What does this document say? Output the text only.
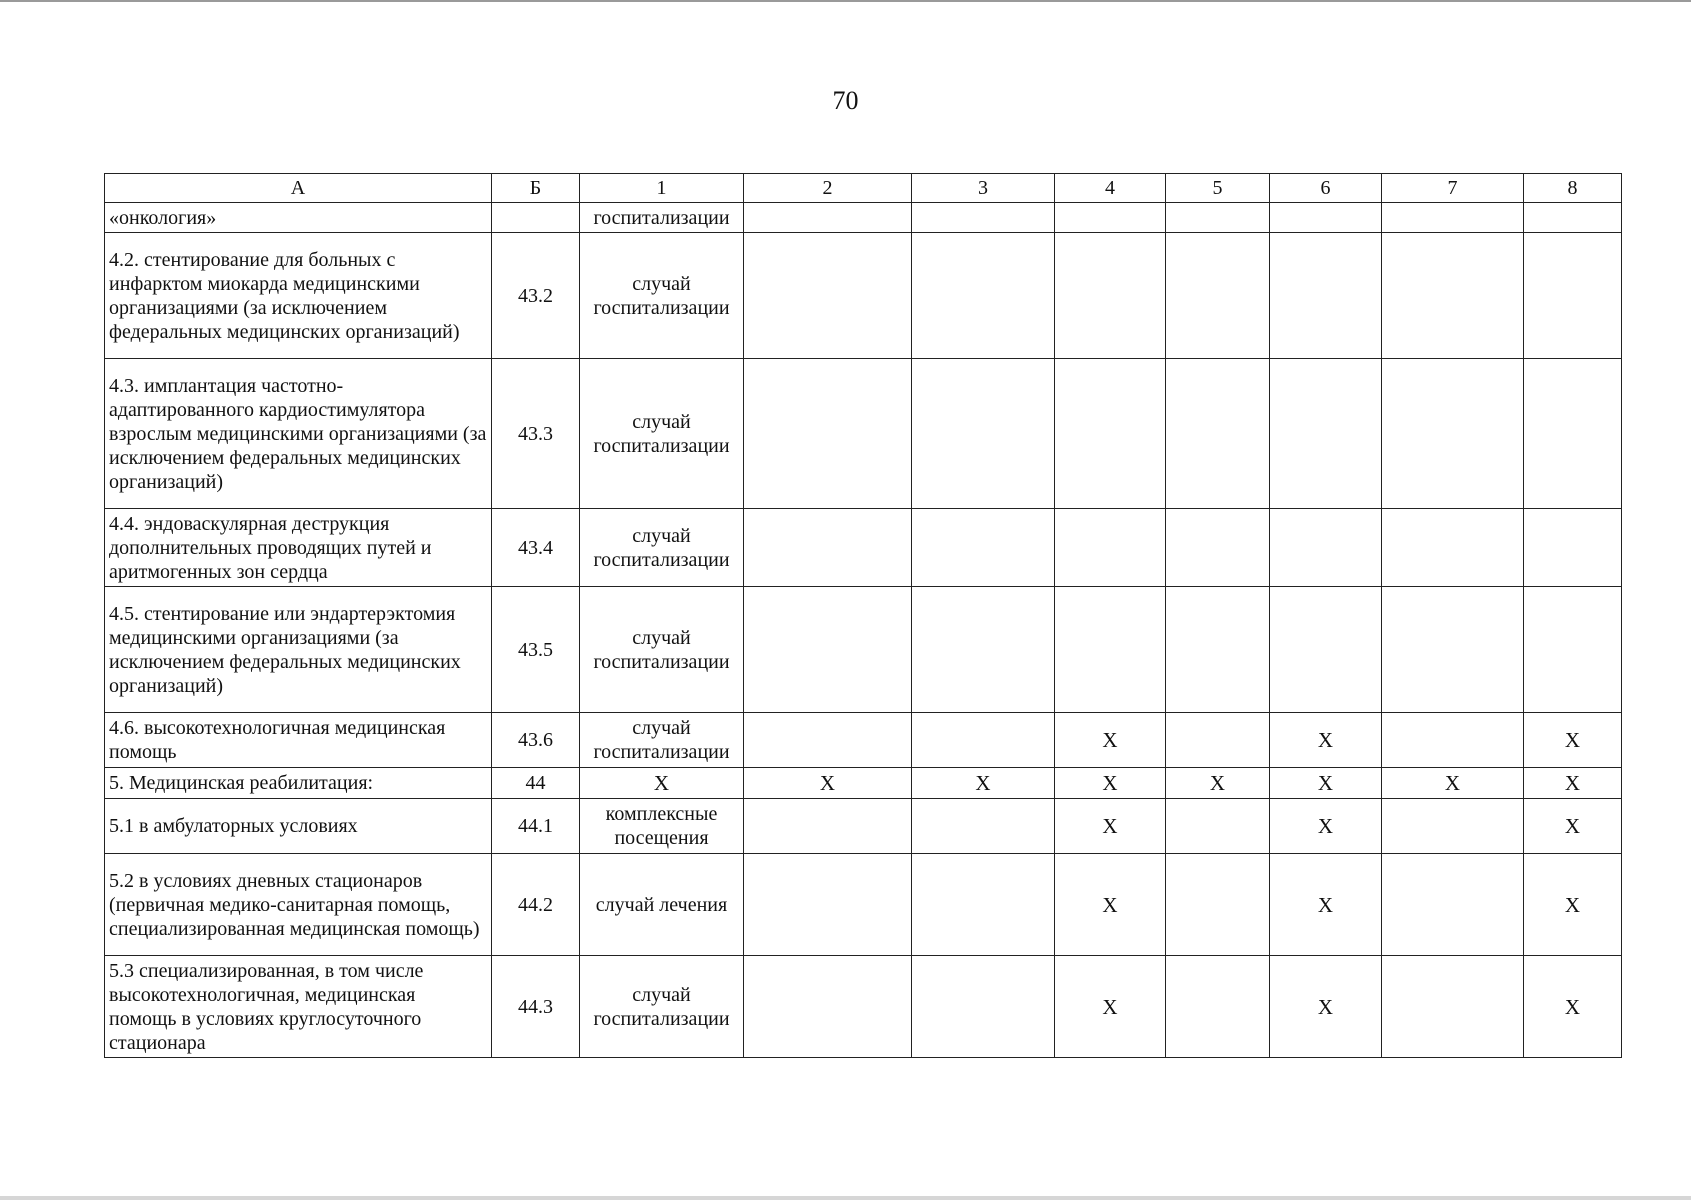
70
А	Б	1	2	3	4	5	6	7	8
«онкология»		госпитализации							
4.2. стентирование для больных с инфарктом миокарда медицинскими организациями (за исключением федеральных медицинских организаций)	43.2	случай госпитализации							
4.3. имплантация частотно-адаптированного кардиостимулятора взрослым медицинскими организациями (за исключением федеральных медицинских организаций)	43.3	случай госпитализации							
4.4. эндоваскулярная деструкция дополнительных проводящих путей и аритмогенных зон сердца	43.4	случай госпитализации							
4.5. стентирование или эндартерэктомия медицинскими организациями (за исключением федеральных медицинских организаций)	43.5	случай госпитализации							
4.6. высокотехнологичная медицинская помощь	43.6	случай госпитализации			Х		Х		Х
5. Медицинская реабилитация:	44	Х	Х	Х	Х	Х	Х	Х	Х
5.1 в амбулаторных условиях	44.1	комплексные посещения			Х		Х		Х
5.2 в условиях дневных стационаров (первичная медико-санитарная помощь, специализированная медицинская помощь)	44.2	случай лечения			Х		Х		Х
5.3 специализированная, в том числе высокотехнологичная, медицинская помощь в условиях круглосуточного стационара	44.3	случай госпитализации			Х		Х		Х
